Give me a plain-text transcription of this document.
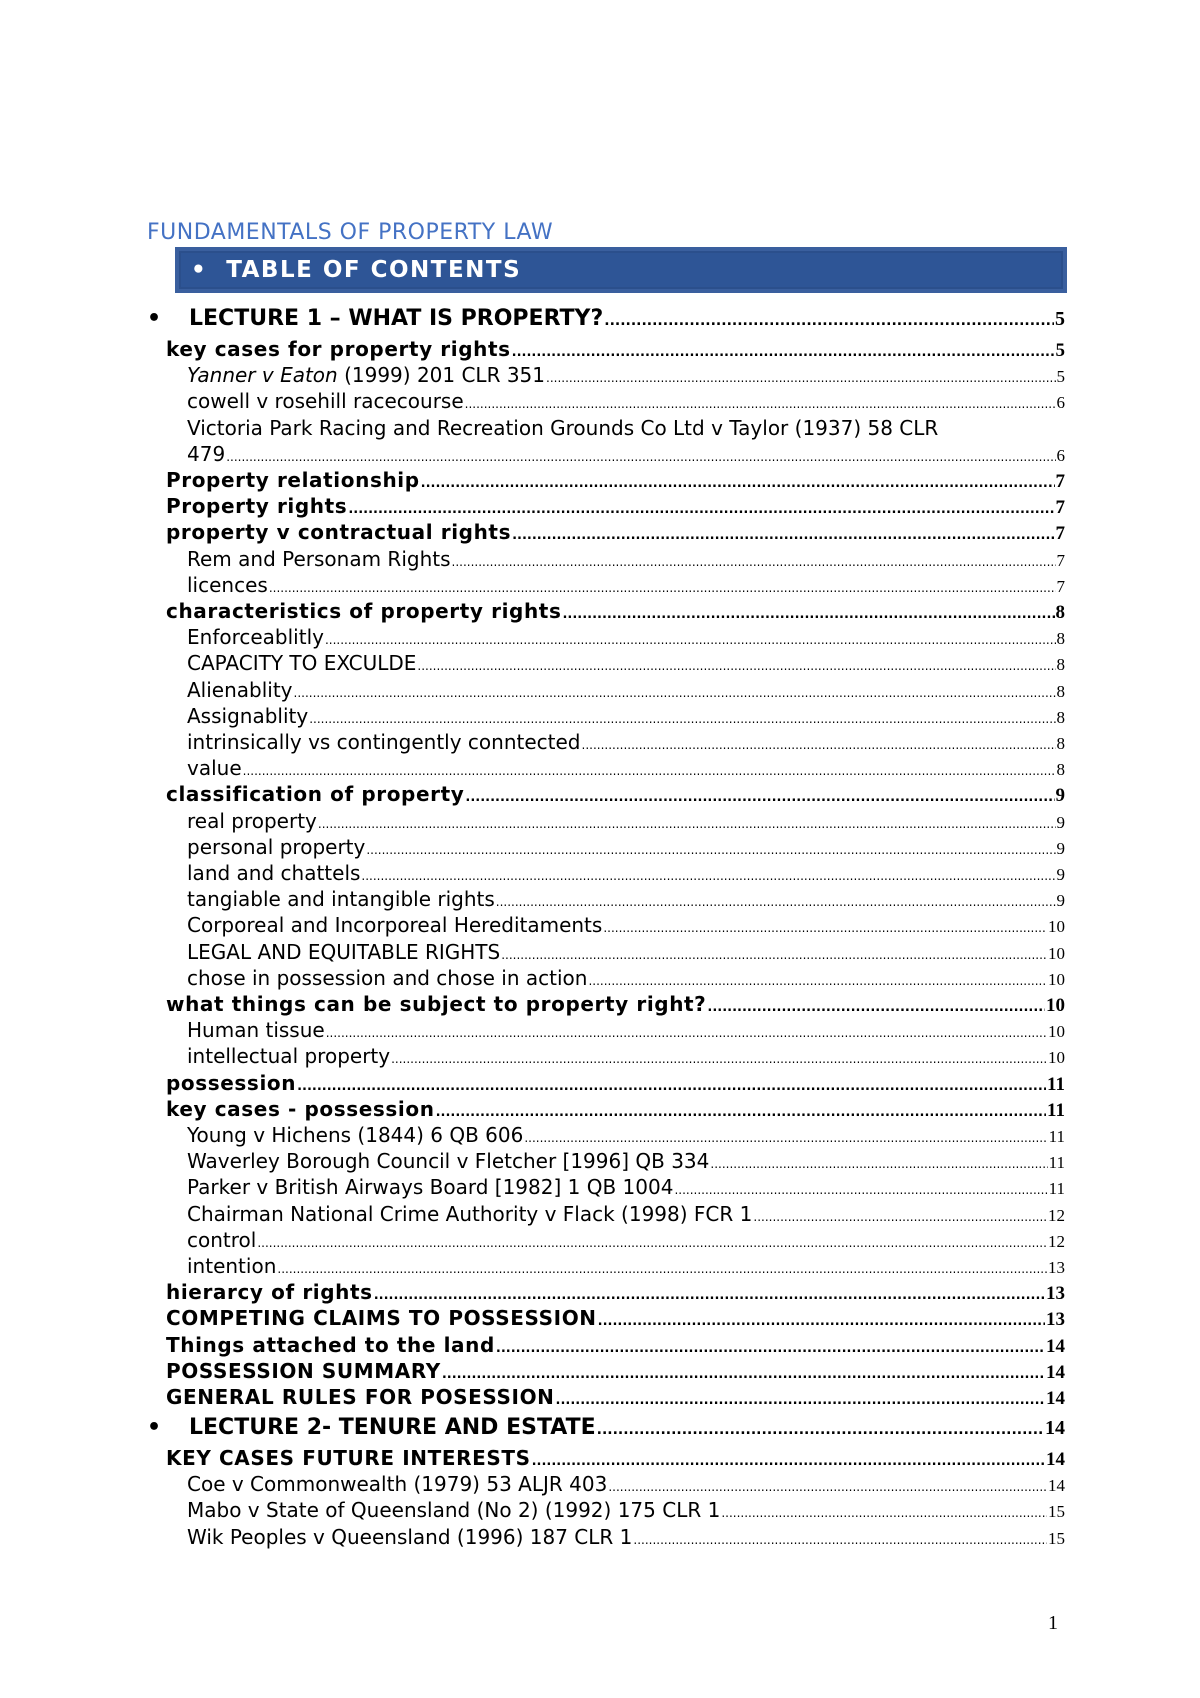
FUNDAMENTALS OF PROPERTY LAW
• TABLE OF CONTENTS
• LECTURE 1 – WHAT IS PROPERTY? .....	5
key cases for property rights .....	5
Yanner v Eaton (1999) 201 CLR 351 .....	5
cowell v rosehill racecourse .....	6
Victoria Park Racing and Recreation Grounds Co Ltd v Taylor (1937) 58 CLR
479 .....	6
Property relationship .....	7
Property rights .....	7
property v contractual rights .....	7
Rem and Personam Rights .....	7
licences .....	7
characteristics of property rights .....	8
Enforceablitly .....	8
CAPACITY TO EXCULDE .....	8
Alienablity .....	8
Assignablity .....	8
intrinsically vs contingently conntected .....	8
value .....	8
classification of property .....	9
real property .....	9
personal property .....	9
land and chattels .....	9
tangiable and intangible rights .....	9
Corporeal and Incorporeal Hereditaments .....	10
LEGAL AND EQUITABLE RIGHTS .....	10
chose in possession and chose in action .....	10
what things can be subject to property right? .....	10
Human tissue .....	10
intellectual property .....	10
possession .....	11
key cases - possession .....	11
Young v Hichens (1844) 6 QB 606 .....	11
Waverley Borough Council v Fletcher [1996] QB 334 .....	11
Parker v British Airways Board [1982] 1 QB 1004 .....	11
Chairman National Crime Authority v Flack (1998) FCR 1 .....	12
control .....	12
intention .....	13
hierarcy of rights .....	13
COMPETING CLAIMS TO POSSESSION .....	13
Things attached to the land .....	14
POSSESSION SUMMARY .....	14
GENERAL RULES FOR POSESSION .....	14
• LECTURE 2- TENURE AND ESTATE .....	14
KEY CASES FUTURE INTERESTS .....	14
Coe v Commonwealth (1979) 53 ALJR 403 .....	14
Mabo v State of Queensland (No 2) (1992) 175 CLR 1 .....	15
Wik Peoples v Queensland (1996) 187 CLR 1 .....	15
1
